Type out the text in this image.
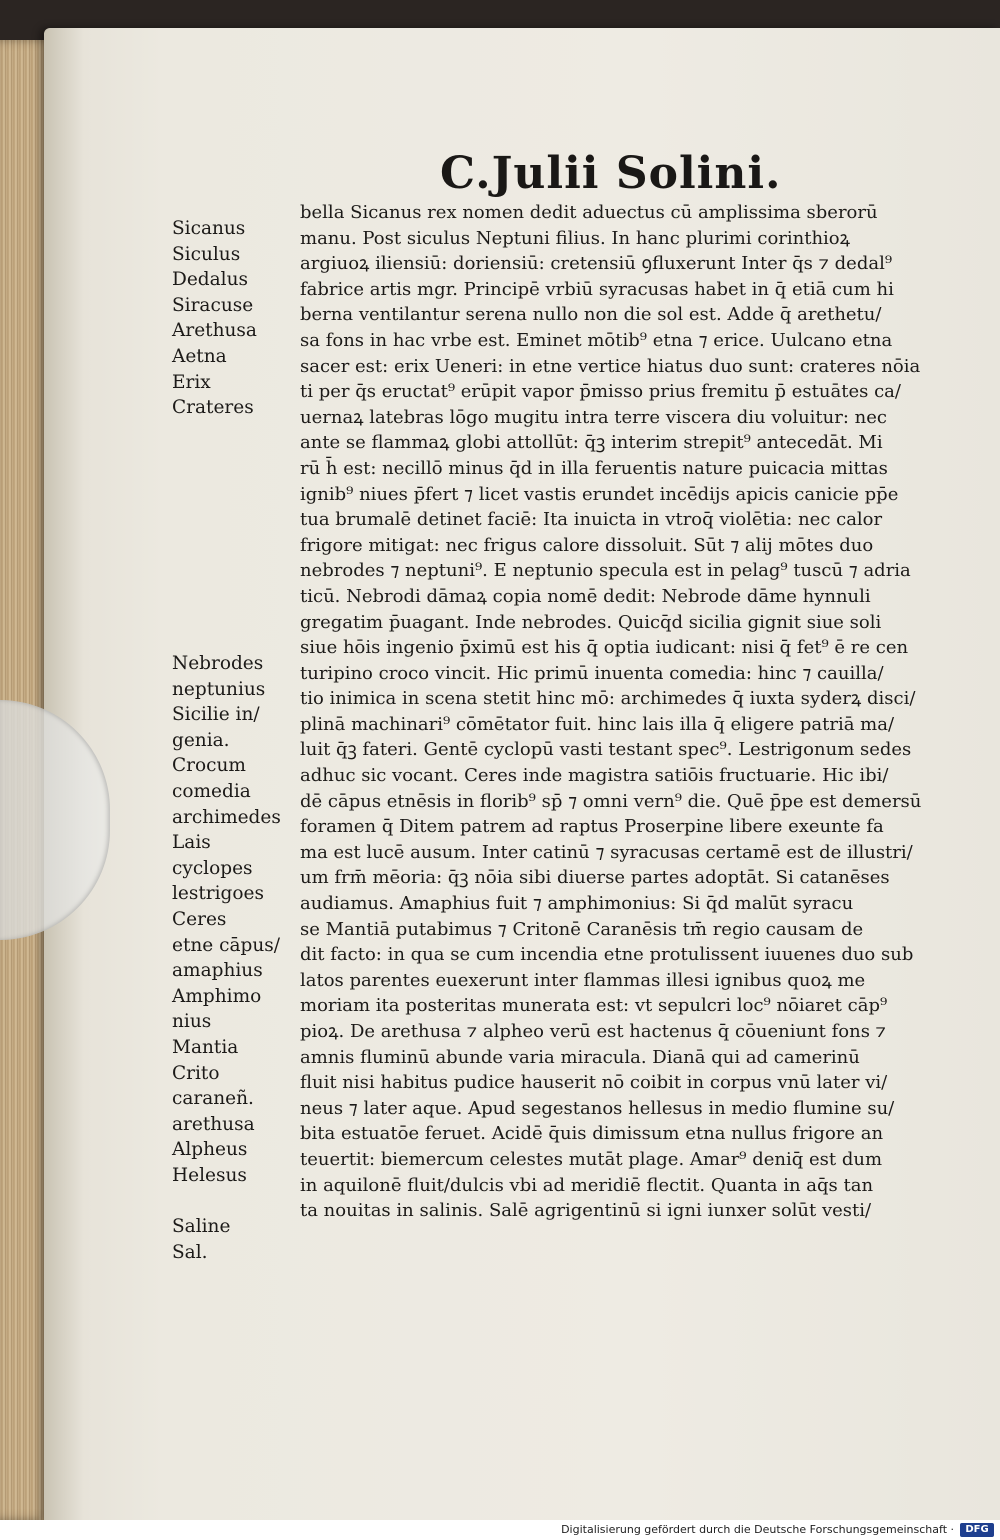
C.Julii Solini.
Sicanus
Siculus
Dedalus
Siracuse
Arethusa
Aetna
Erix
Crateres

Nebrodes
neptunius
Sicilie in/
genia.
Crocum
comedia
archimedes
Lais
cyclopes
lestrigoes
Ceres
etne cāpus/
amaphius
Amphimo
nius
Mantia
Crito
caraneñ.
arethusa
Alpheus
Helesus

Saline
Sal.
bella Sicanus rex nomen dedit aduectus cū amplissima sberorū
manu. Post siculus Neptuni filius. In hanc plurimi corinthioꝝ
argiuoꝝ iliensiū: doriensiū: cretensiū ꝯfluxerunt Inter q̄s ⁊ dedal⁹
fabrice artis mgr. Principē vrbiū syracusas habet in q̄ etiā cum hi
berna ventilantur serena nullo non die sol est. Adde q̄ arethetu/
sa fons in hac vrbe est. Eminet mōtib⁹ etna ⁊ erice. Uulcano etna
sacer est: erix Ueneri: in etne vertice hiatus duo sunt: crateres nōia
ti per q̄s eructat⁹ erūpit vapor p̄misso prius fremitu p̄ estuātes ca/
uernaꝝ latebras lōgo mugitu intra terre viscera diu voluitur: nec
ante se flammaꝝ globi attollūt: q̄ꝫ interim strepit⁹ antecedāt. Mi
rū h̄ est: necillō minus q̄d in illa feruentis nature puicacia mittas
ignib⁹ niues p̄fert ⁊ licet vastis erundet incēdijs apicis canicie pp̄e
tua brumalē detinet faciē: Ita inuicta in vtroq̄ violētia: nec calor
frigore mitigat: nec frigus calore dissoluit. Sūt ⁊ alij mōtes duo
nebrodes ⁊ neptuni⁹. E neptunio specula est in pelag⁹ tuscū ⁊ adria
ticū. Nebrodi dāmaꝝ copia nomē dedit: Nebrode dāme hynnuli
gregatim p̄uagant. Inde nebrodes. Quicq̄d sicilia gignit siue soli
siue hōis ingenio p̄ximū est his q̄ optia iudicant: nisi q̄ fet⁹ ē re cen
turipino croco vincit. Hic primū inuenta comedia: hinc ⁊ cauilla/
tio inimica in scena stetit hinc mō: archimedes q̄ iuxta syderꝝ disci/
plinā machinari⁹ cōmētator fuit. hinc lais illa q̄ eligere patriā ma/
luit q̄ꝫ fateri. Gentē cyclopū vasti testant spec⁹. Lestrigonum sedes
adhuc sic vocant. Ceres inde magistra satiōis fructuarie. Hic ibi/
dē cāpus etnēsis in florib⁹ sp̄ ⁊ omni vern⁹ die. Quē p̄pe est demersū
foramen q̄ Ditem patrem ad raptus Proserpine libere exeunte fa
ma est lucē ausum. Inter catinū ⁊ syracusas certamē est de illustri/
um frm̄ mēoria: q̄ꝫ nōia sibi diuerse partes adoptāt. Si catanēses
audiamus. Amaphius fuit ⁊ amphimonius: Si q̄d malūt syracu
se Mantiā putabimus ⁊ Critonē Caranēsis tm̄ regio causam de
dit facto: in qua se cum incendia etne protulissent iuuenes duo sub
latos parentes euexerunt inter flammas illesi ignibus quoꝝ me
moriam ita posteritas munerata est: vt sepulcri loc⁹ nōiaret cāp⁹
pioꝝ. De arethusa ⁊ alpheo verū est hactenus q̄ cōueniunt fons ⁊
amnis fluminū abunde varia miracula. Dianā qui ad camerinū
fluit nisi habitus pudice hauserit nō coibit in corpus vnū later vi/
neus ⁊ later aque. Apud segestanos hellesus in medio flumine su/
bita estuatōe feruet. Acidē q̄uis dimissum etna nullus frigore an
teuertit: biemercum celestes mutāt plage. Amar⁹ deniq̄ est dum
in aquilonē fluit/dulcis vbi ad meridiē flectit. Quanta in aq̄s tan
ta nouitas in salinis. Salē agrigentinū si igni iunxer solūt vesti/
Digitalisierung gefördert durch die Deutsche Forschungsgemeinschaft ·	DFG
